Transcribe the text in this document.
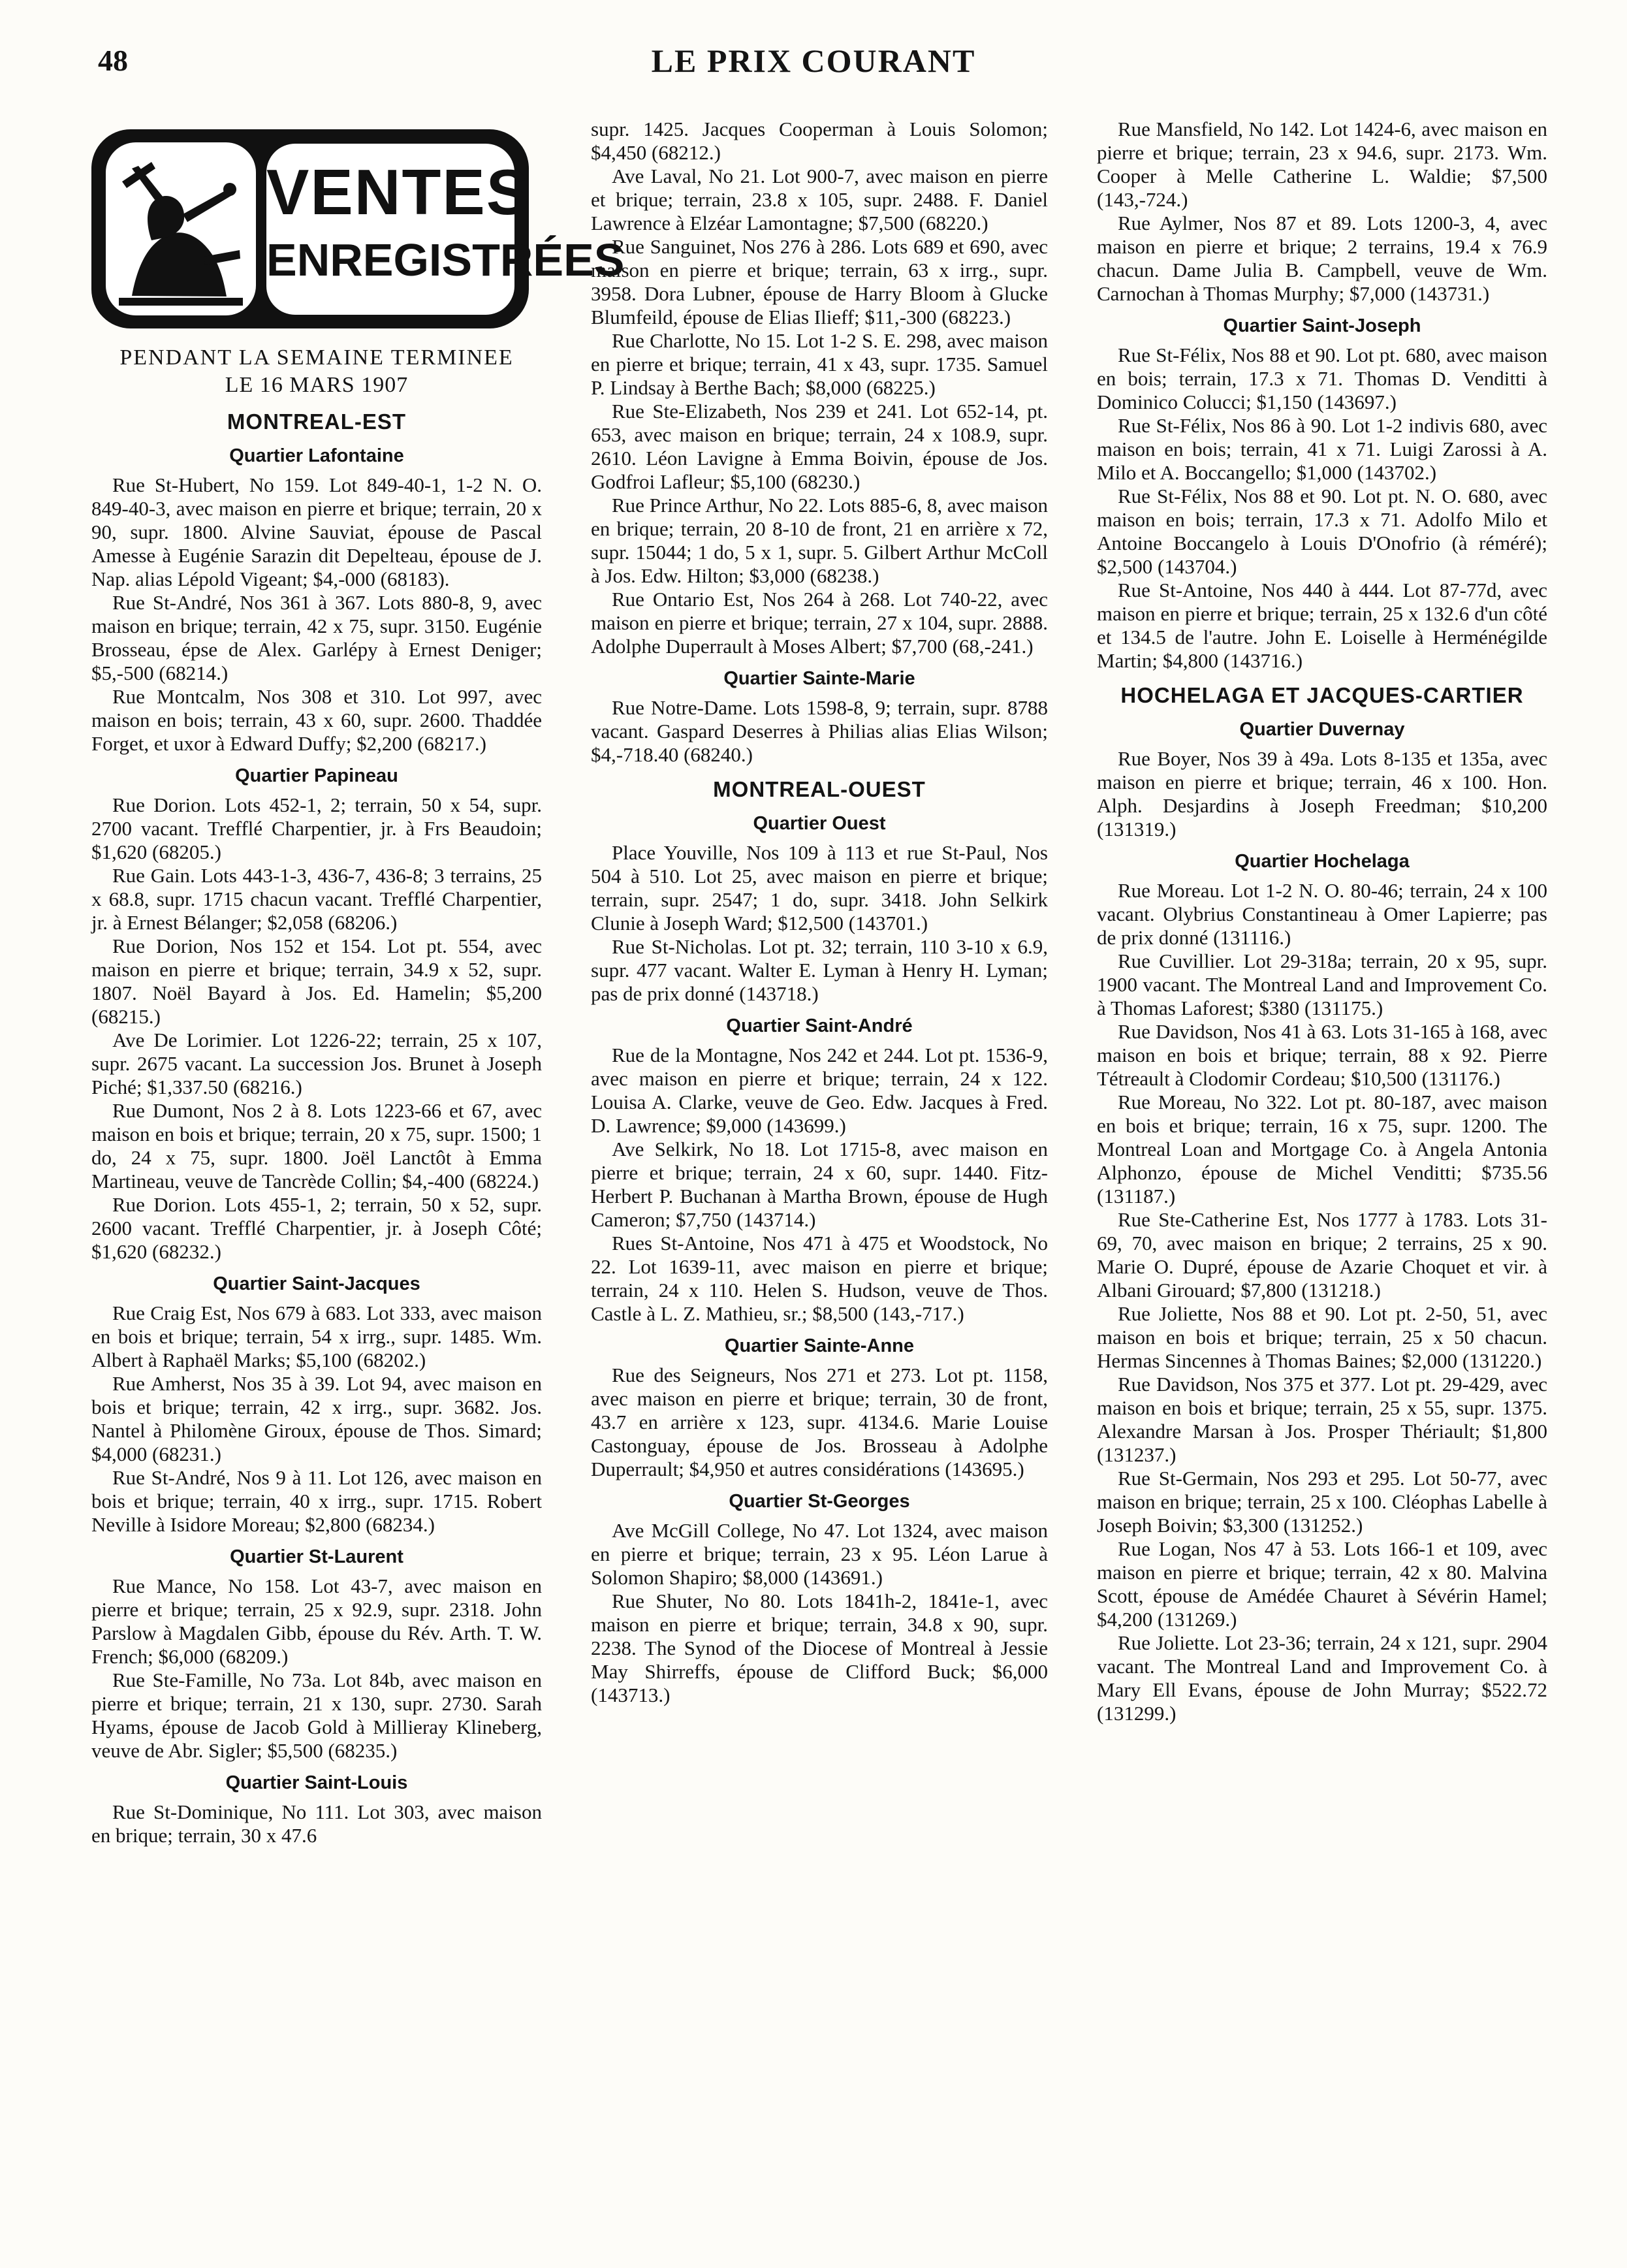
48	LE PRIX COURANT
VENTES
ENREGISTRÉES
PENDANT LA SEMAINE TERMINEE
LE 16 MARS 1907
MONTREAL-EST
Quartier Lafontaine
Rue St-Hubert, No 159. Lot 849-40-1, 1-2 N. O. 849-40-3, avec maison en pierre et brique; terrain, 20 x 90, supr. 1800. Alvine Sauviat, épouse de Pascal Amesse à Eugénie Sarazin dit Depelteau, épouse de J. Nap. alias Lépold Vigeant; $4,-000 (68183).
Rue St-André, Nos 361 à 367. Lots 880-8, 9, avec maison en brique; terrain, 42 x 75, supr. 3150. Eugénie Brosseau, épse de Alex. Garlépy à Ernest Deniger; $5,-500 (68214.)
Rue Montcalm, Nos 308 et 310. Lot 997, avec maison en bois; terrain, 43 x 60, supr. 2600. Thaddée Forget, et uxor à Edward Duffy; $2,200 (68217.)
Quartier Papineau
Rue Dorion. Lots 452-1, 2; terrain, 50 x 54, supr. 2700 vacant. Trefflé Charpentier, jr. à Frs Beaudoin; $1,620 (68205.)
Rue Gain. Lots 443-1-3, 436-7, 436-8; 3 terrains, 25 x 68.8, supr. 1715 chacun vacant. Trefflé Charpentier, jr. à Ernest Bélanger; $2,058 (68206.)
Rue Dorion, Nos 152 et 154. Lot pt. 554, avec maison en pierre et brique; terrain, 34.9 x 52, supr. 1807. Noël Bayard à Jos. Ed. Hamelin; $5,200 (68215.)
Ave De Lorimier. Lot 1226-22; terrain, 25 x 107, supr. 2675 vacant. La succession Jos. Brunet à Joseph Piché; $1,337.50 (68216.)
Rue Dumont, Nos 2 à 8. Lots 1223-66 et 67, avec maison en bois et brique; terrain, 20 x 75, supr. 1500; 1 do, 24 x 75, supr. 1800. Joël Lanctôt à Emma Martineau, veuve de Tancrède Collin; $4,-400 (68224.)
Rue Dorion. Lots 455-1, 2; terrain, 50 x 52, supr. 2600 vacant. Trefflé Charpentier, jr. à Joseph Côté; $1,620 (68232.)
Quartier Saint-Jacques
Rue Craig Est, Nos 679 à 683. Lot 333, avec maison en bois et brique; terrain, 54 x irrg., supr. 1485. Wm. Albert à Raphaël Marks; $5,100 (68202.)
Rue Amherst, Nos 35 à 39. Lot 94, avec maison en bois et brique; terrain, 42 x irrg., supr. 3682. Jos. Nantel à Philomène Giroux, épouse de Thos. Simard; $4,000 (68231.)
Rue St-André, Nos 9 à 11. Lot 126, avec maison en bois et brique; terrain, 40 x irrg., supr. 1715. Robert Neville à Isidore Moreau; $2,800 (68234.)
Quartier St-Laurent
Rue Mance, No 158. Lot 43-7, avec maison en pierre et brique; terrain, 25 x 92.9, supr. 2318. John Parslow à Magdalen Gibb, épouse du Rév. Arth. T. W. French; $6,000 (68209.)
Rue Ste-Famille, No 73a. Lot 84b, avec maison en pierre et brique; terrain, 21 x 130, supr. 2730. Sarah Hyams, épouse de Jacob Gold à Millieray Klineberg, veuve de Abr. Sigler; $5,500 (68235.)
Quartier Saint-Louis
Rue St-Dominique, No 111. Lot 303, avec maison en brique; terrain, 30 x 47.6
supr. 1425. Jacques Cooperman à Louis Solomon; $4,450 (68212.)
Ave Laval, No 21. Lot 900-7, avec maison en pierre et brique; terrain, 23.8 x 105, supr. 2488. F. Daniel Lawrence à Elzéar Lamontagne; $7,500 (68220.)
Rue Sanguinet, Nos 276 à 286. Lots 689 et 690, avec maison en pierre et brique; terrain, 63 x irrg., supr. 3958. Dora Lubner, épouse de Harry Bloom à Glucke Blumfeild, épouse de Elias Ilieff; $11,-300 (68223.)
Rue Charlotte, No 15. Lot 1-2 S. E. 298, avec maison en pierre et brique; terrain, 41 x 43, supr. 1735. Samuel P. Lindsay à Berthe Bach; $8,000 (68225.)
Rue Ste-Elizabeth, Nos 239 et 241. Lot 652-14, pt. 653, avec maison en brique; terrain, 24 x 108.9, supr. 2610. Léon Lavigne à Emma Boivin, épouse de Jos. Godfroi Lafleur; $5,100 (68230.)
Rue Prince Arthur, No 22. Lots 885-6, 8, avec maison en brique; terrain, 20 8-10 de front, 21 en arrière x 72, supr. 15044; 1 do, 5 x 1, supr. 5. Gilbert Arthur McColl à Jos. Edw. Hilton; $3,000 (68238.)
Rue Ontario Est, Nos 264 à 268. Lot 740-22, avec maison en pierre et brique; terrain, 27 x 104, supr. 2888. Adolphe Duperrault à Moses Albert; $7,700 (68,-241.)
Quartier Sainte-Marie
Rue Notre-Dame. Lots 1598-8, 9; terrain, supr. 8788 vacant. Gaspard Deserres à Philias alias Elias Wilson; $4,-718.40 (68240.)
MONTREAL-OUEST
Quartier Ouest
Place Youville, Nos 109 à 113 et rue St-Paul, Nos 504 à 510. Lot 25, avec maison en pierre et brique; terrain, supr. 2547; 1 do, supr. 3418. John Selkirk Clunie à Joseph Ward; $12,500 (143701.)
Rue St-Nicholas. Lot pt. 32; terrain, 110 3-10 x 6.9, supr. 477 vacant. Walter E. Lyman à Henry H. Lyman; pas de prix donné (143718.)
Quartier Saint-André
Rue de la Montagne, Nos 242 et 244. Lot pt. 1536-9, avec maison en pierre et brique; terrain, 24 x 122. Louisa A. Clarke, veuve de Geo. Edw. Jacques à Fred. D. Lawrence; $9,000 (143699.)
Ave Selkirk, No 18. Lot 1715-8, avec maison en pierre et brique; terrain, 24 x 60, supr. 1440. Fitz-Herbert P. Buchanan à Martha Brown, épouse de Hugh Cameron; $7,750 (143714.)
Rues St-Antoine, Nos 471 à 475 et Woodstock, No 22. Lot 1639-11, avec maison en pierre et brique; terrain, 24 x 110. Helen S. Hudson, veuve de Thos. Castle à L. Z. Mathieu, sr.; $8,500 (143,-717.)
Quartier Sainte-Anne
Rue des Seigneurs, Nos 271 et 273. Lot pt. 1158, avec maison en pierre et brique; terrain, 30 de front, 43.7 en arrière x 123, supr. 4134.6. Marie Louise Castonguay, épouse de Jos. Brosseau à Adolphe Duperrault; $4,950 et autres considérations (143695.)
Quartier St-Georges
Ave McGill College, No 47. Lot 1324, avec maison en pierre et brique; terrain, 23 x 95. Léon Larue à Solomon Shapiro; $8,000 (143691.)
Rue Shuter, No 80. Lots 1841h-2, 1841e-1, avec maison en pierre et brique; terrain, 34.8 x 90, supr. 2238. The Synod of the Diocese of Montreal à Jessie May Shirreffs, épouse de Clifford Buck; $6,000 (143713.)
Rue Mansfield, No 142. Lot 1424-6, avec maison en pierre et brique; terrain, 23 x 94.6, supr. 2173. Wm. Cooper à Melle Catherine L. Waldie; $7,500 (143,-724.)
Rue Aylmer, Nos 87 et 89. Lots 1200-3, 4, avec maison en pierre et brique; 2 terrains, 19.4 x 76.9 chacun. Dame Julia B. Campbell, veuve de Wm. Carnochan à Thomas Murphy; $7,000 (143731.)
Quartier Saint-Joseph
Rue St-Félix, Nos 88 et 90. Lot pt. 680, avec maison en bois; terrain, 17.3 x 71. Thomas D. Venditti à Dominico Colucci; $1,150 (143697.)
Rue St-Félix, Nos 86 à 90. Lot 1-2 indivis 680, avec maison en bois; terrain, 41 x 71. Luigi Zarossi à A. Milo et A. Boccangello; $1,000 (143702.)
Rue St-Félix, Nos 88 et 90. Lot pt. N. O. 680, avec maison en bois; terrain, 17.3 x 71. Adolfo Milo et Antoine Boccangelo à Louis D'Onofrio (à réméré); $2,500 (143704.)
Rue St-Antoine, Nos 440 à 444. Lot 87-77d, avec maison en pierre et brique; terrain, 25 x 132.6 d'un côté et 134.5 de l'autre. John E. Loiselle à Herménégilde Martin; $4,800 (143716.)
HOCHELAGA ET JACQUES-CARTIER
Quartier Duvernay
Rue Boyer, Nos 39 à 49a. Lots 8-135 et 135a, avec maison en pierre et brique; terrain, 46 x 100. Hon. Alph. Desjardins à Joseph Freedman; $10,200 (131319.)
Quartier Hochelaga
Rue Moreau. Lot 1-2 N. O. 80-46; terrain, 24 x 100 vacant. Olybrius Constantineau à Omer Lapierre; pas de prix donné (131116.)
Rue Cuvillier. Lot 29-318a; terrain, 20 x 95, supr. 1900 vacant. The Montreal Land and Improvement Co. à Thomas Laforest; $380 (131175.)
Rue Davidson, Nos 41 à 63. Lots 31-165 à 168, avec maison en bois et brique; terrain, 88 x 92. Pierre Tétreault à Clodomir Cordeau; $10,500 (131176.)
Rue Moreau, No 322. Lot pt. 80-187, avec maison en bois et brique; terrain, 16 x 75, supr. 1200. The Montreal Loan and Mortgage Co. à Angela Antonia Alphonzo, épouse de Michel Venditti; $735.56 (131187.)
Rue Ste-Catherine Est, Nos 1777 à 1783. Lots 31-69, 70, avec maison en brique; 2 terrains, 25 x 90. Marie O. Dupré, épouse de Azarie Choquet et vir. à Albani Girouard; $7,800 (131218.)
Rue Joliette, Nos 88 et 90. Lot pt. 2-50, 51, avec maison en bois et brique; terrain, 25 x 50 chacun. Hermas Sincennes à Thomas Baines; $2,000 (131220.)
Rue Davidson, Nos 375 et 377. Lot pt. 29-429, avec maison en bois et brique; terrain, 25 x 55, supr. 1375. Alexandre Marsan à Jos. Prosper Thériault; $1,800 (131237.)
Rue St-Germain, Nos 293 et 295. Lot 50-77, avec maison en brique; terrain, 25 x 100. Cléophas Labelle à Joseph Boivin; $3,300 (131252.)
Rue Logan, Nos 47 à 53. Lots 166-1 et 109, avec maison en pierre et brique; terrain, 42 x 80. Malvina Scott, épouse de Amédée Chauret à Sévérin Hamel; $4,200 (131269.)
Rue Joliette. Lot 23-36; terrain, 24 x 121, supr. 2904 vacant. The Montreal Land and Improvement Co. à Mary Ell Evans, épouse de John Murray; $522.72 (131299.)
